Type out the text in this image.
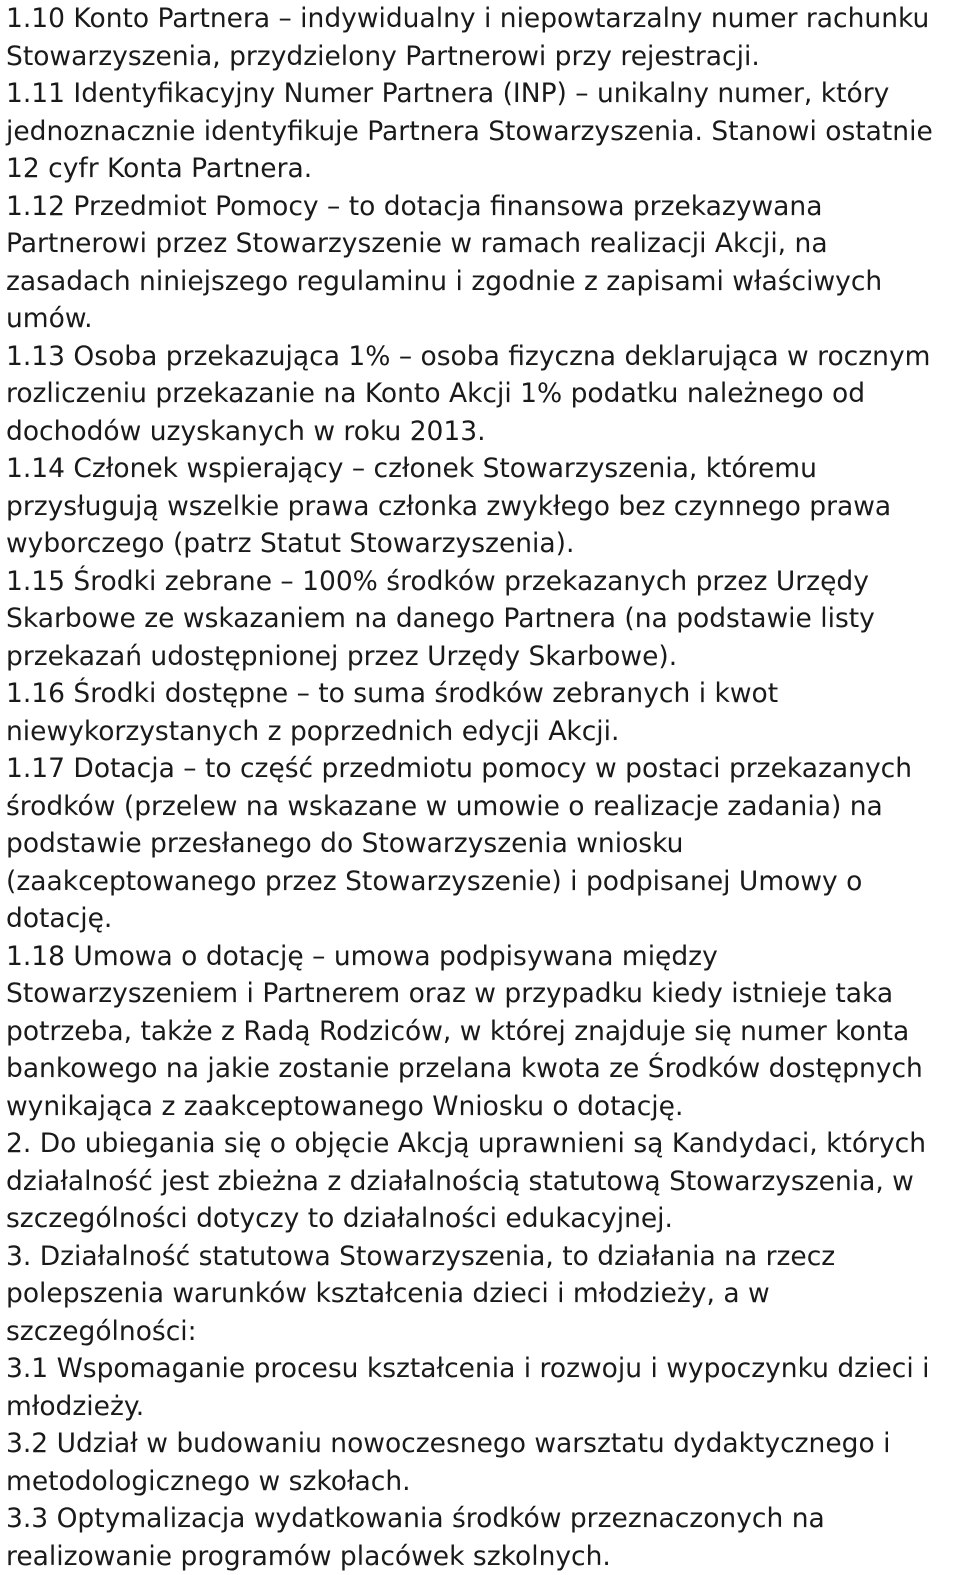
1.10 Konto Partnera – indywidualny i niepowtarzalny numer rachunku
Stowarzyszenia, przydzielony Partnerowi przy rejestracji.
1.11 Identyfikacyjny Numer Partnera (INP) – unikalny numer, który
jednoznacznie identyfikuje Partnera Stowarzyszenia. Stanowi ostatnie
12 cyfr Konta Partnera.
1.12 Przedmiot Pomocy – to dotacja finansowa przekazywana
Partnerowi przez Stowarzyszenie w ramach realizacji Akcji, na
zasadach niniejszego regulaminu i zgodnie z zapisami właściwych
umów.
1.13 Osoba przekazująca 1% – osoba fizyczna deklarująca w rocznym
rozliczeniu przekazanie na Konto Akcji 1% podatku należnego od
dochodów uzyskanych w roku 2013.
1.14 Członek wspierający – członek Stowarzyszenia, któremu
przysługują wszelkie prawa członka zwykłego bez czynnego prawa
wyborczego (patrz Statut Stowarzyszenia).
1.15 Środki zebrane – 100% środków przekazanych przez Urzędy
Skarbowe ze wskazaniem na danego Partnera (na podstawie listy
przekazań udostępnionej przez Urzędy Skarbowe).
1.16 Środki dostępne – to suma środków zebranych i kwot
niewykorzystanych z poprzednich edycji Akcji.
1.17 Dotacja – to część przedmiotu pomocy w postaci przekazanych
środków (przelew na wskazane w umowie o realizacje zadania) na
podstawie przesłanego do Stowarzyszenia wniosku
(zaakceptowanego przez Stowarzyszenie) i podpisanej Umowy o
dotację.
1.18 Umowa o dotację – umowa podpisywana między
Stowarzyszeniem i Partnerem oraz w przypadku kiedy istnieje taka
potrzeba, także z Radą Rodziców, w której znajduje się numer konta
bankowego na jakie zostanie przelana kwota ze Środków dostępnych
wynikająca z zaakceptowanego Wniosku o dotację.
2. Do ubiegania się o objęcie Akcją uprawnieni są Kandydaci, których
działalność jest zbieżna z działalnością statutową Stowarzyszenia, w
szczególności dotyczy to działalności edukacyjnej.
3. Działalność statutowa Stowarzyszenia, to działania na rzecz
polepszenia warunków kształcenia dzieci i młodzieży, a w
szczególności:
3.1 Wspomaganie procesu kształcenia i rozwoju i wypoczynku dzieci i
młodzieży.
3.2 Udział w budowaniu nowoczesnego warsztatu dydaktycznego i
metodologicznego w szkołach.
3.3 Optymalizacja wydatkowania środków przeznaczonych na
realizowanie programów placówek szkolnych.
